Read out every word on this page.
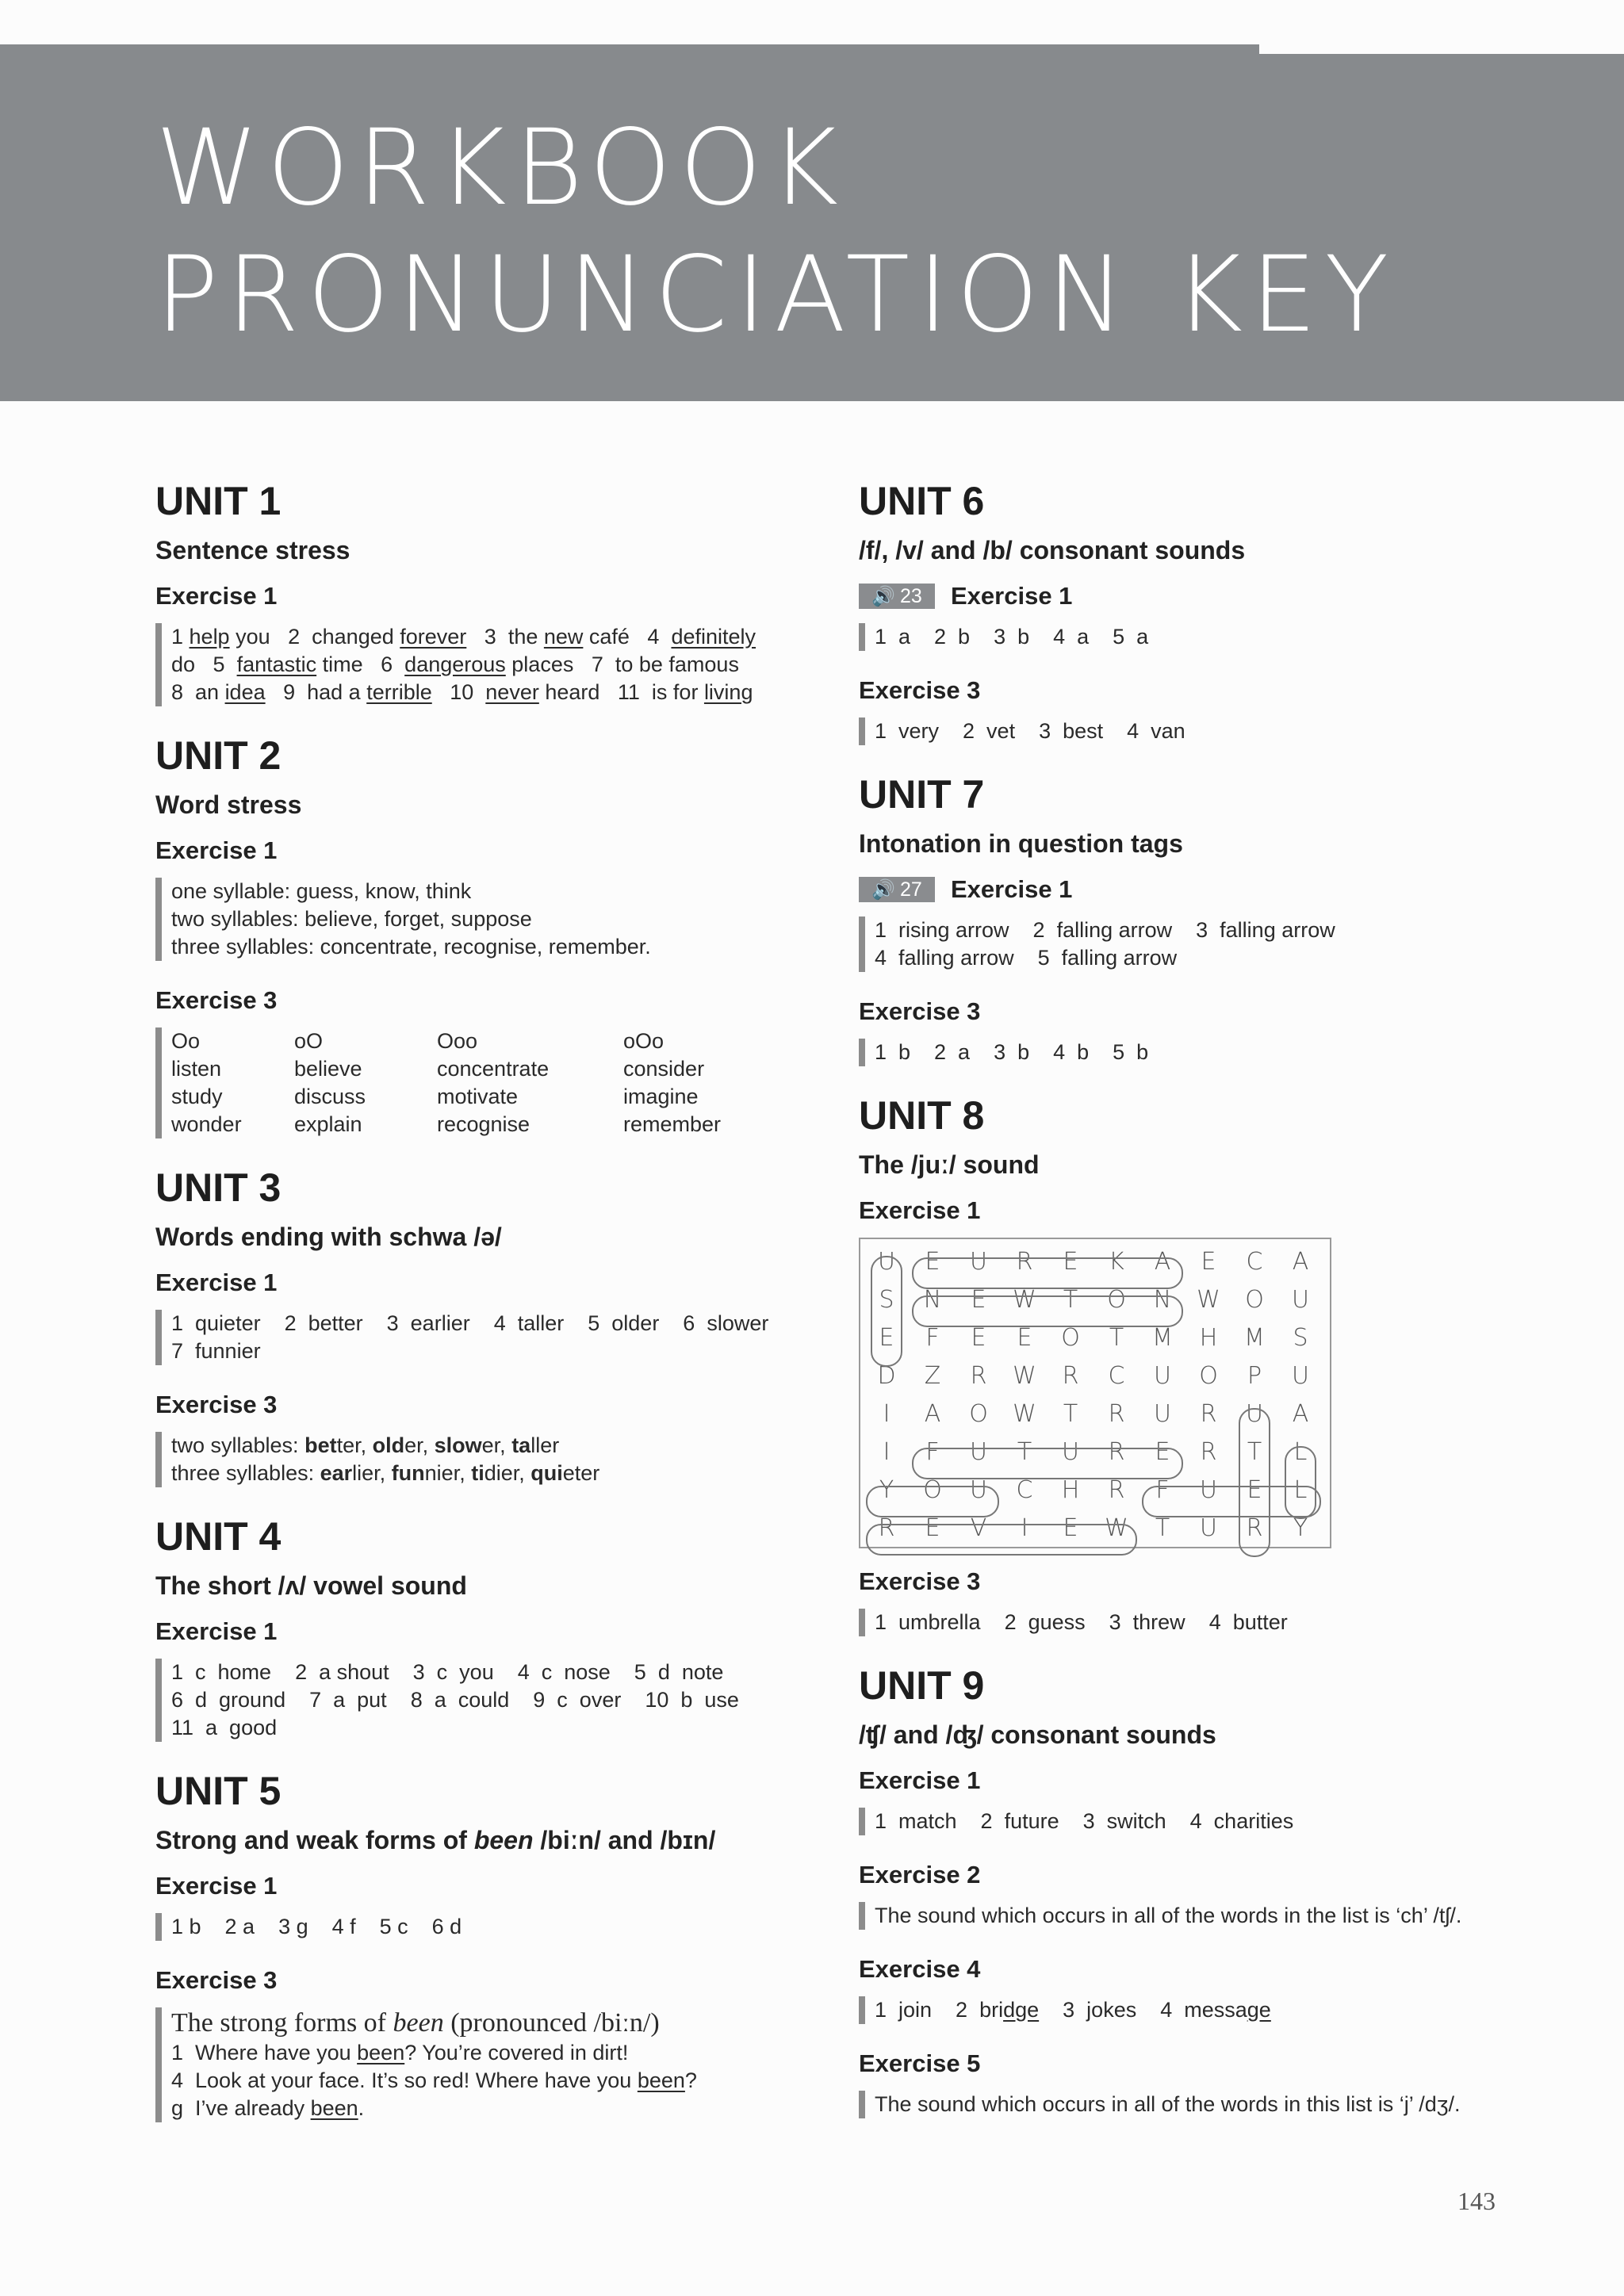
WORKBOOK
PRONUNCIATION KEY
UNIT 1
Sentence stress
Exercise 1
1 help you   2  changed forever   3  the new café   4  definitely
do   5  fantastic time   6  dangerous places   7  to be famous
8  an idea   9  had a terrible   10  never heard   11  is for living
UNIT 2
Word stress
Exercise 1
one syllable: guess, know, think
two syllables: believe, forget, suppose
three syllables: concentrate, recognise, remember.
Exercise 3
Oo	oO	Ooo	oOo
listen	believe	concentrate	consider
study	discuss	motivate	imagine
wonder	explain	recognise	remember
UNIT 3
Words ending with schwa /ə/
Exercise 1
1  quieter    2  better    3  earlier    4  taller    5  older    6  slower
7  funnier
Exercise 3
two syllables: better, older, slower, taller
three syllables: earlier, funnier, tidier, quieter
UNIT 4
The short /ʌ/ vowel sound
Exercise 1
1  c  home    2  a shout    3  c  you    4  c  nose    5  d  note
6  d  ground    7  a  put    8  a  could    9  c  over    10  b  use
11  a  good
UNIT 5
Strong and weak forms of been /biːn/ and /bɪn/
Exercise 1
1 b    2 a    3 g    4 f    5 c    6 d
Exercise 3
The strong forms of been (pronounced /biːn/)
1  Where have you been? You’re covered in dirt!
4  Look at your face. It’s so red! Where have you been?
g  I’ve already been.
UNIT 6
/f/, /v/ and /b/ consonant sounds
🔊 23 Exercise 1
1  a    2  b    3  b    4  a    5  a
Exercise 3
1  very    2  vet    3  best    4  van
UNIT 7
Intonation in question tags
🔊 27 Exercise 1
1  rising arrow    2  falling arrow    3  falling arrow
4  falling arrow    5  falling arrow
Exercise 3
1  b    2  a    3  b    4  b    5  b
UNIT 8
The /juː/ sound
Exercise 1
U	E	U	R	E	K	A	E	C	A
S	N	E	W	T	O	N	W	O	U
E	F	E	E	O	T	M	H	M	S
D	Z	R	W	R	C	U	O	P	U
I	A	O	W	T	R	U	R	U	A
I	F	U	T	U	R	E	R	T	L
Y	O	U	C	H	R	F	U	E	L
R	E	V	I	E	W	T	U	R	Y
Exercise 3
1  umbrella    2  guess    3  threw    4  butter
UNIT 9
/ʧ/ and /ʤ/ consonant sounds
Exercise 1
1  match    2  future    3  switch    4  charities
Exercise 2
The sound which occurs in all of the words in the list is ‘ch’ /tʃ/.
Exercise 4
1  join    2  bridge    3  jokes    4  message
Exercise 5
The sound which occurs in all of the words in this list is ‘j’ /dʒ/.
143
